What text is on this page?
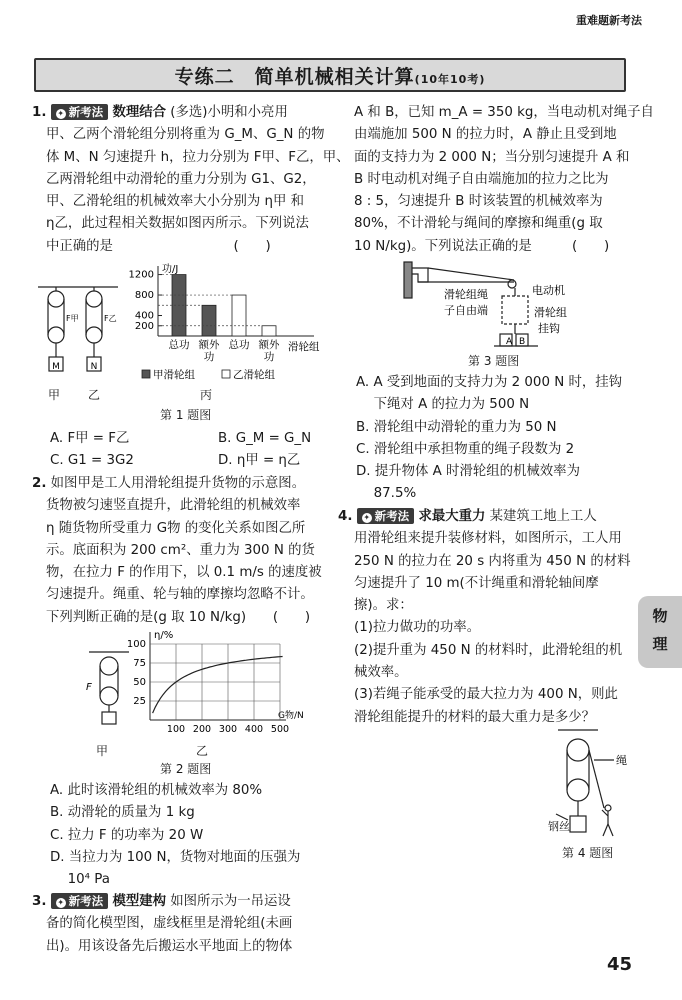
重难题新考法
专练二　简单机械相关计算(10年10考)

1. ✦ 新考法 数理结合 (多选)小明和小亮用

甲、乙两个滑轮组分别将重为 G_M、G_N 的物

体 M、N 匀速提升 h，拉力分别为 F甲、F乙，甲、

乙两滑轮组中动滑轮的重力分别为 G1、G2，

甲、乙滑轮组的机械效率大小分别为 η甲 和

η乙，此过程相关数据如图丙所示。下列说法

中正确的是　　　　　　　　　(　　)

M	N
F甲	F乙
甲 乙
功/J
滑轮组
200
400
800
1200
总功 额外
功
总功 额外
功
甲滑轮组	乙滑轮组
丙
第 1 题图

A. F甲 = F乙	B. G_M = G_N

C. G1 = 3G2	D. η甲 = η乙

2. 如图甲是工人用滑轮组提升货物的示意图。

货物被匀速竖直提升，此滑轮组的机械效率

η 随货物所受重力 G物 的变化关系如图乙所

示。底面积为 200 cm²、重力为 300 N 的货

物，在拉力 F 的作用下，以 0.1 m/s 的速度被

匀速提升。绳重、轮与轴的摩擦均忽略不计。

下列判断正确的是(g 取 10 N/kg)　　(　　)

F
甲
η/%
G物/N
100
75
50
25
100 200 300 400 500
乙
第 2 题图

A. 此时该滑轮组的机械效率为 80%

B. 动滑轮的质量为 1 kg

C. 拉力 F 的功率为 20 W

D. 当拉力为 100 N，货物对地面的压强为

　 10⁴ Pa

3. ✦ 新考法 模型建构 如图所示为一吊运设

备的简化模型图，虚线框里是滑轮组(未画

出)。用该设备先后搬运水平地面上的物体

A 和 B，已知 m_A = 350 kg，当电动机对绳子自

由端施加 500 N 的拉力时，A 静止且受到地

面的支持力为 2 000 N；当分别匀速提升 A 和

B 时电动机对绳子自由端施加的拉力之比为

8 : 5，匀速提升 B 时该装置的机械效率为

80%，不计滑轮与绳间的摩擦和绳重(g 取

10 N/kg)。下列说法正确的是　　　(　　)

A B
电动机
滑轮组绳
子自由端	滑轮组
挂钩
第 3 题图

A. A 受到地面的支持力为 2 000 N 时，挂钩

　 下绳对 A 的拉力为 500 N

B. 滑轮组中动滑轮的重力为 50 N

C. 滑轮组中承担物重的绳子段数为 2

D. 提升物体 A 时滑轮组的机械效率为

　 87.5%

4. ✦ 新考法 求最大重力 某建筑工地上工人

用滑轮组来提升装修材料，如图所示，工人用

250 N 的拉力在 20 s 内将重为 450 N 的材料

匀速提升了 10 m(不计绳重和滑轮轴间摩

擦)。求：

(1)拉力做功的功率。

(2)提升重为 450 N 的材料时，此滑轮组的机

械效率。

(3)若绳子能承受的最大拉力为 400 N，则此

滑轮组能提升的材料的最大重力是多少？

绳
钢丝
第 4 题图
物
理
45
